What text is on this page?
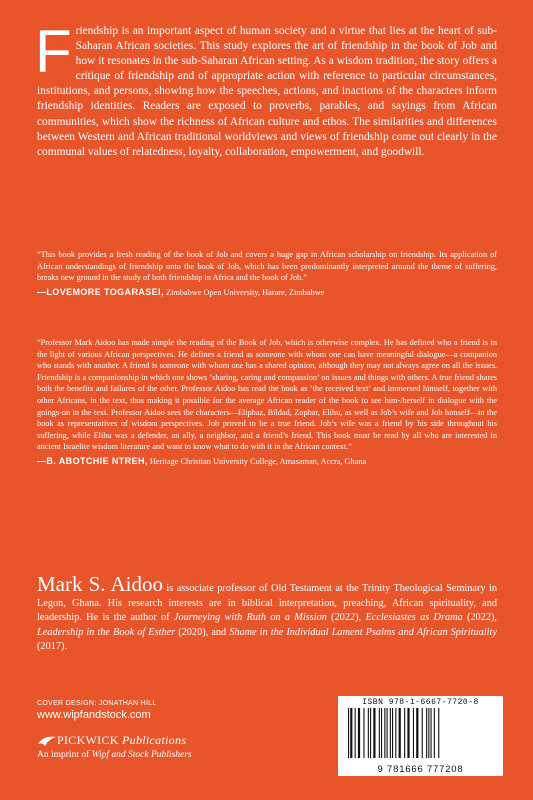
Friendship is an important aspect of human society and a virtue that lies at the heart of sub-Saharan African societies. This study explores the art of friendship in the book of Job and how it resonates in the sub-Saharan African setting. As a wisdom tradition, the story offers a critique of friendship and of appropriate action with reference to particular circumstances, institutions, and persons, showing how the speeches, actions, and inactions of the characters inform friendship identities. Readers are exposed to proverbs, parables, and sayings from African communities, which show the richness of African culture and ethos. The similarities and differences between Western and African traditional worldviews and views of friendship come out clearly in the communal values of relatedness, loyalty, collaboration, empowerment, and goodwill.
“This book provides a fresh reading of the book of Job and covers a huge gap in African scholarship on friendship. Its application of African understandings of friendship onto the book of Job, which has been predominantly interpreted around the theme of suffering, breaks new ground in the study of both friendship in Africa and the book of Job.”
—LOVEMORE TOGARASEI, Zimbabwe Open University, Harare, Zimbabwe
“Professor Mark Aidoo has made simple the reading of the Book of Job, which is otherwise complex. He has defined who a friend is in the light of various African perspectives. He defines a friend as someone with whom one can have meaningful dialogue—a companion who stands with another. A friend is someone with whom one has a shared opinion, although they may not always agree on all the issues. Friendship is a companionship in which one shows ‘sharing, caring and compassion’ on issues and things with others. A true friend shares both the benefits and failures of the other. Professor Aidoo has read the book as ‘the received text’ and immersed himself, together with other Africans, in the text, thus making it possible for the average African reader of the book to see him-/herself in dialogue with the goings-on in the text. Professor Aidoo sees the characters—Eliphaz, Bildad, Zophar, Elihu, as well as Job’s wife and Job himself—in the book as representatives of wisdom perspectives. Job proved to be a true friend. Job’s wife was a friend by his side throughout his suffering, while Elihu was a defender, an ally, a neighbor, and a friend’s friend. This book must be read by all who are interested in ancient Israelite wisdom literature and want to know what to do with it in the African context.”
—B. ABOTCHIE NTREH, Heritage Christian University College, Amasaman, Accra, Ghana
Mark S. Aidoo is associate professor of Old Testament at the Trinity Theological Seminary in Legon, Ghana. His research interests are in biblical interpretation, preaching, African spirituality, and leadership. He is the author of Journeying with Ruth on a Mission (2022), Ecclesiastes as Drama (2022), Leadership in the Book of Esther (2020), and Shame in the Individual Lament Psalms and African Spirituality (2017).
COVER DESIGN: JONATHAN HILL
www.wipfandstock.com
PICKWICK Publications
An imprint of Wipf and Stock Publishers
ISBN 978-1-6667-7720-8
9 781666 777208
